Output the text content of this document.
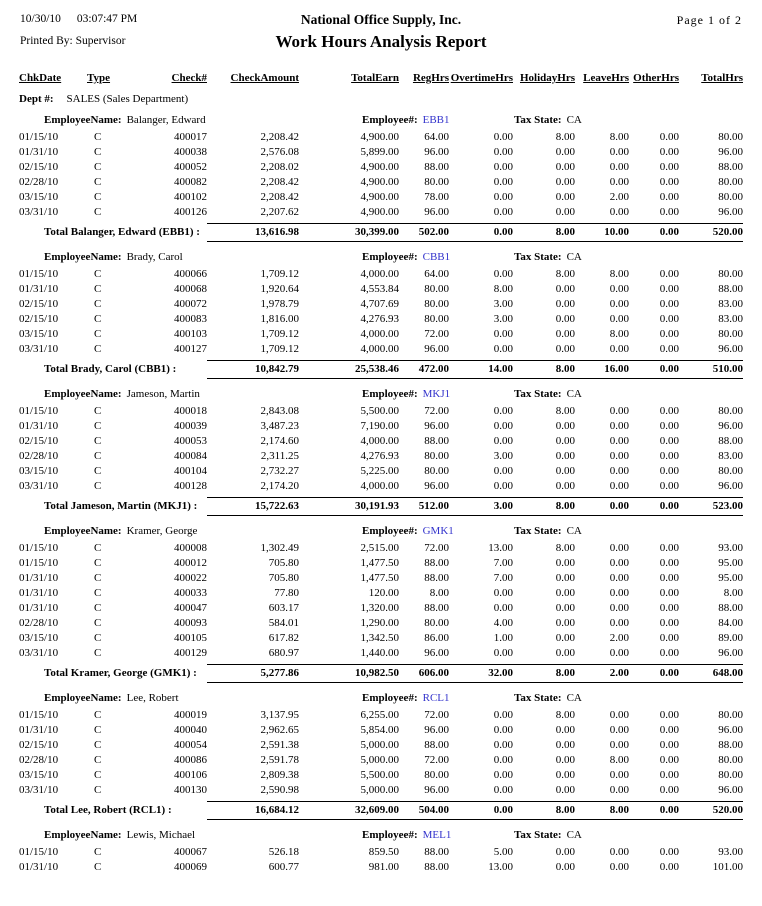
10/30/10 03:07:47 PM	National Office Supply, Inc.	Page 1 of 2
Printed By: Supervisor	Work Hours Analysis Report
ChkDate	Type	Check#	CheckAmount	TotalEarn	RegHrs OvertimeHrs HolidayHrs LeaveHrs OtherHrs	TotalHrs
Dept #: SALES (Sales Department)
EmployeeName: Balanger, Edward	Employee#: EBB1	Tax State: CA
01/15/10	C	400017	2,208.42	4,900.00	64.00	0.00	8.00	8.00	0.00	80.00
01/31/10	C	400038	2,576.08	5,899.00	96.00	0.00	0.00	0.00	0.00	96.00
02/15/10	C	400052	2,208.02	4,900.00	88.00	0.00	0.00	0.00	0.00	88.00
02/28/10	C	400082	2,208.42	4,900.00	80.00	0.00	0.00	0.00	0.00	80.00
03/15/10	C	400102	2,208.42	4,900.00	78.00	0.00	0.00	2.00	0.00	80.00
03/31/10	C	400126	2,207.62	4,900.00	96.00	0.00	0.00	0.00	0.00	96.00
Total Balanger, Edward (EBB1) :	13,616.98	30,399.00	502.00	0.00	8.00	10.00	0.00	520.00
EmployeeName: Brady, Carol	Employee#: CBB1	Tax State: CA
01/15/10	C	400066	1,709.12	4,000.00	64.00	0.00	8.00	8.00	0.00	80.00
01/31/10	C	400068	1,920.64	4,553.84	80.00	8.00	0.00	0.00	0.00	88.00
02/15/10	C	400072	1,978.79	4,707.69	80.00	3.00	0.00	0.00	0.00	83.00
02/15/10	C	400083	1,816.00	4,276.93	80.00	3.00	0.00	0.00	0.00	83.00
03/15/10	C	400103	1,709.12	4,000.00	72.00	0.00	0.00	8.00	0.00	80.00
03/31/10	C	400127	1,709.12	4,000.00	96.00	0.00	0.00	0.00	0.00	96.00
Total Brady, Carol (CBB1) :	10,842.79	25,538.46	472.00	14.00	8.00	16.00	0.00	510.00
EmployeeName: Jameson, Martin	Employee#: MKJ1	Tax State: CA
01/15/10	C	400018	2,843.08	5,500.00	72.00	0.00	8.00	0.00	0.00	80.00
01/31/10	C	400039	3,487.23	7,190.00	96.00	0.00	0.00	0.00	0.00	96.00
02/15/10	C	400053	2,174.60	4,000.00	88.00	0.00	0.00	0.00	0.00	88.00
02/28/10	C	400084	2,311.25	4,276.93	80.00	3.00	0.00	0.00	0.00	83.00
03/15/10	C	400104	2,732.27	5,225.00	80.00	0.00	0.00	0.00	0.00	80.00
03/31/10	C	400128	2,174.20	4,000.00	96.00	0.00	0.00	0.00	0.00	96.00
Total Jameson, Martin (MKJ1) :	15,722.63	30,191.93	512.00	3.00	8.00	0.00	0.00	523.00
EmployeeName: Kramer, George	Employee#: GMK1	Tax State: CA
01/15/10	C	400008	1,302.49	2,515.00	72.00	13.00	8.00	0.00	0.00	93.00
01/15/10	C	400012	705.80	1,477.50	88.00	7.00	0.00	0.00	0.00	95.00
01/31/10	C	400022	705.80	1,477.50	88.00	7.00	0.00	0.00	0.00	95.00
01/31/10	C	400033	77.80	120.00	8.00	0.00	0.00	0.00	0.00	8.00
01/31/10	C	400047	603.17	1,320.00	88.00	0.00	0.00	0.00	0.00	88.00
02/28/10	C	400093	584.01	1,290.00	80.00	4.00	0.00	0.00	0.00	84.00
03/15/10	C	400105	617.82	1,342.50	86.00	1.00	0.00	2.00	0.00	89.00
03/31/10	C	400129	680.97	1,440.00	96.00	0.00	0.00	0.00	0.00	96.00
Total Kramer, George (GMK1) :	5,277.86	10,982.50	606.00	32.00	8.00	2.00	0.00	648.00
EmployeeName: Lee, Robert	Employee#: RCL1	Tax State: CA
01/15/10	C	400019	3,137.95	6,255.00	72.00	0.00	8.00	0.00	0.00	80.00
01/31/10	C	400040	2,962.65	5,854.00	96.00	0.00	0.00	0.00	0.00	96.00
02/15/10	C	400054	2,591.38	5,000.00	88.00	0.00	0.00	0.00	0.00	88.00
02/28/10	C	400086	2,591.78	5,000.00	72.00	0.00	0.00	8.00	0.00	80.00
03/15/10	C	400106	2,809.38	5,500.00	80.00	0.00	0.00	0.00	0.00	80.00
03/31/10	C	400130	2,590.98	5,000.00	96.00	0.00	0.00	0.00	0.00	96.00
Total Lee, Robert (RCL1) :	16,684.12	32,609.00	504.00	0.00	8.00	8.00	0.00	520.00
EmployeeName: Lewis, Michael	Employee#: MEL1	Tax State: CA
01/15/10	C	400067	526.18	859.50	88.00	5.00	0.00	0.00	0.00	93.00
01/31/10	C	400069	600.77	981.00	88.00	13.00	0.00	0.00	0.00	101.00
